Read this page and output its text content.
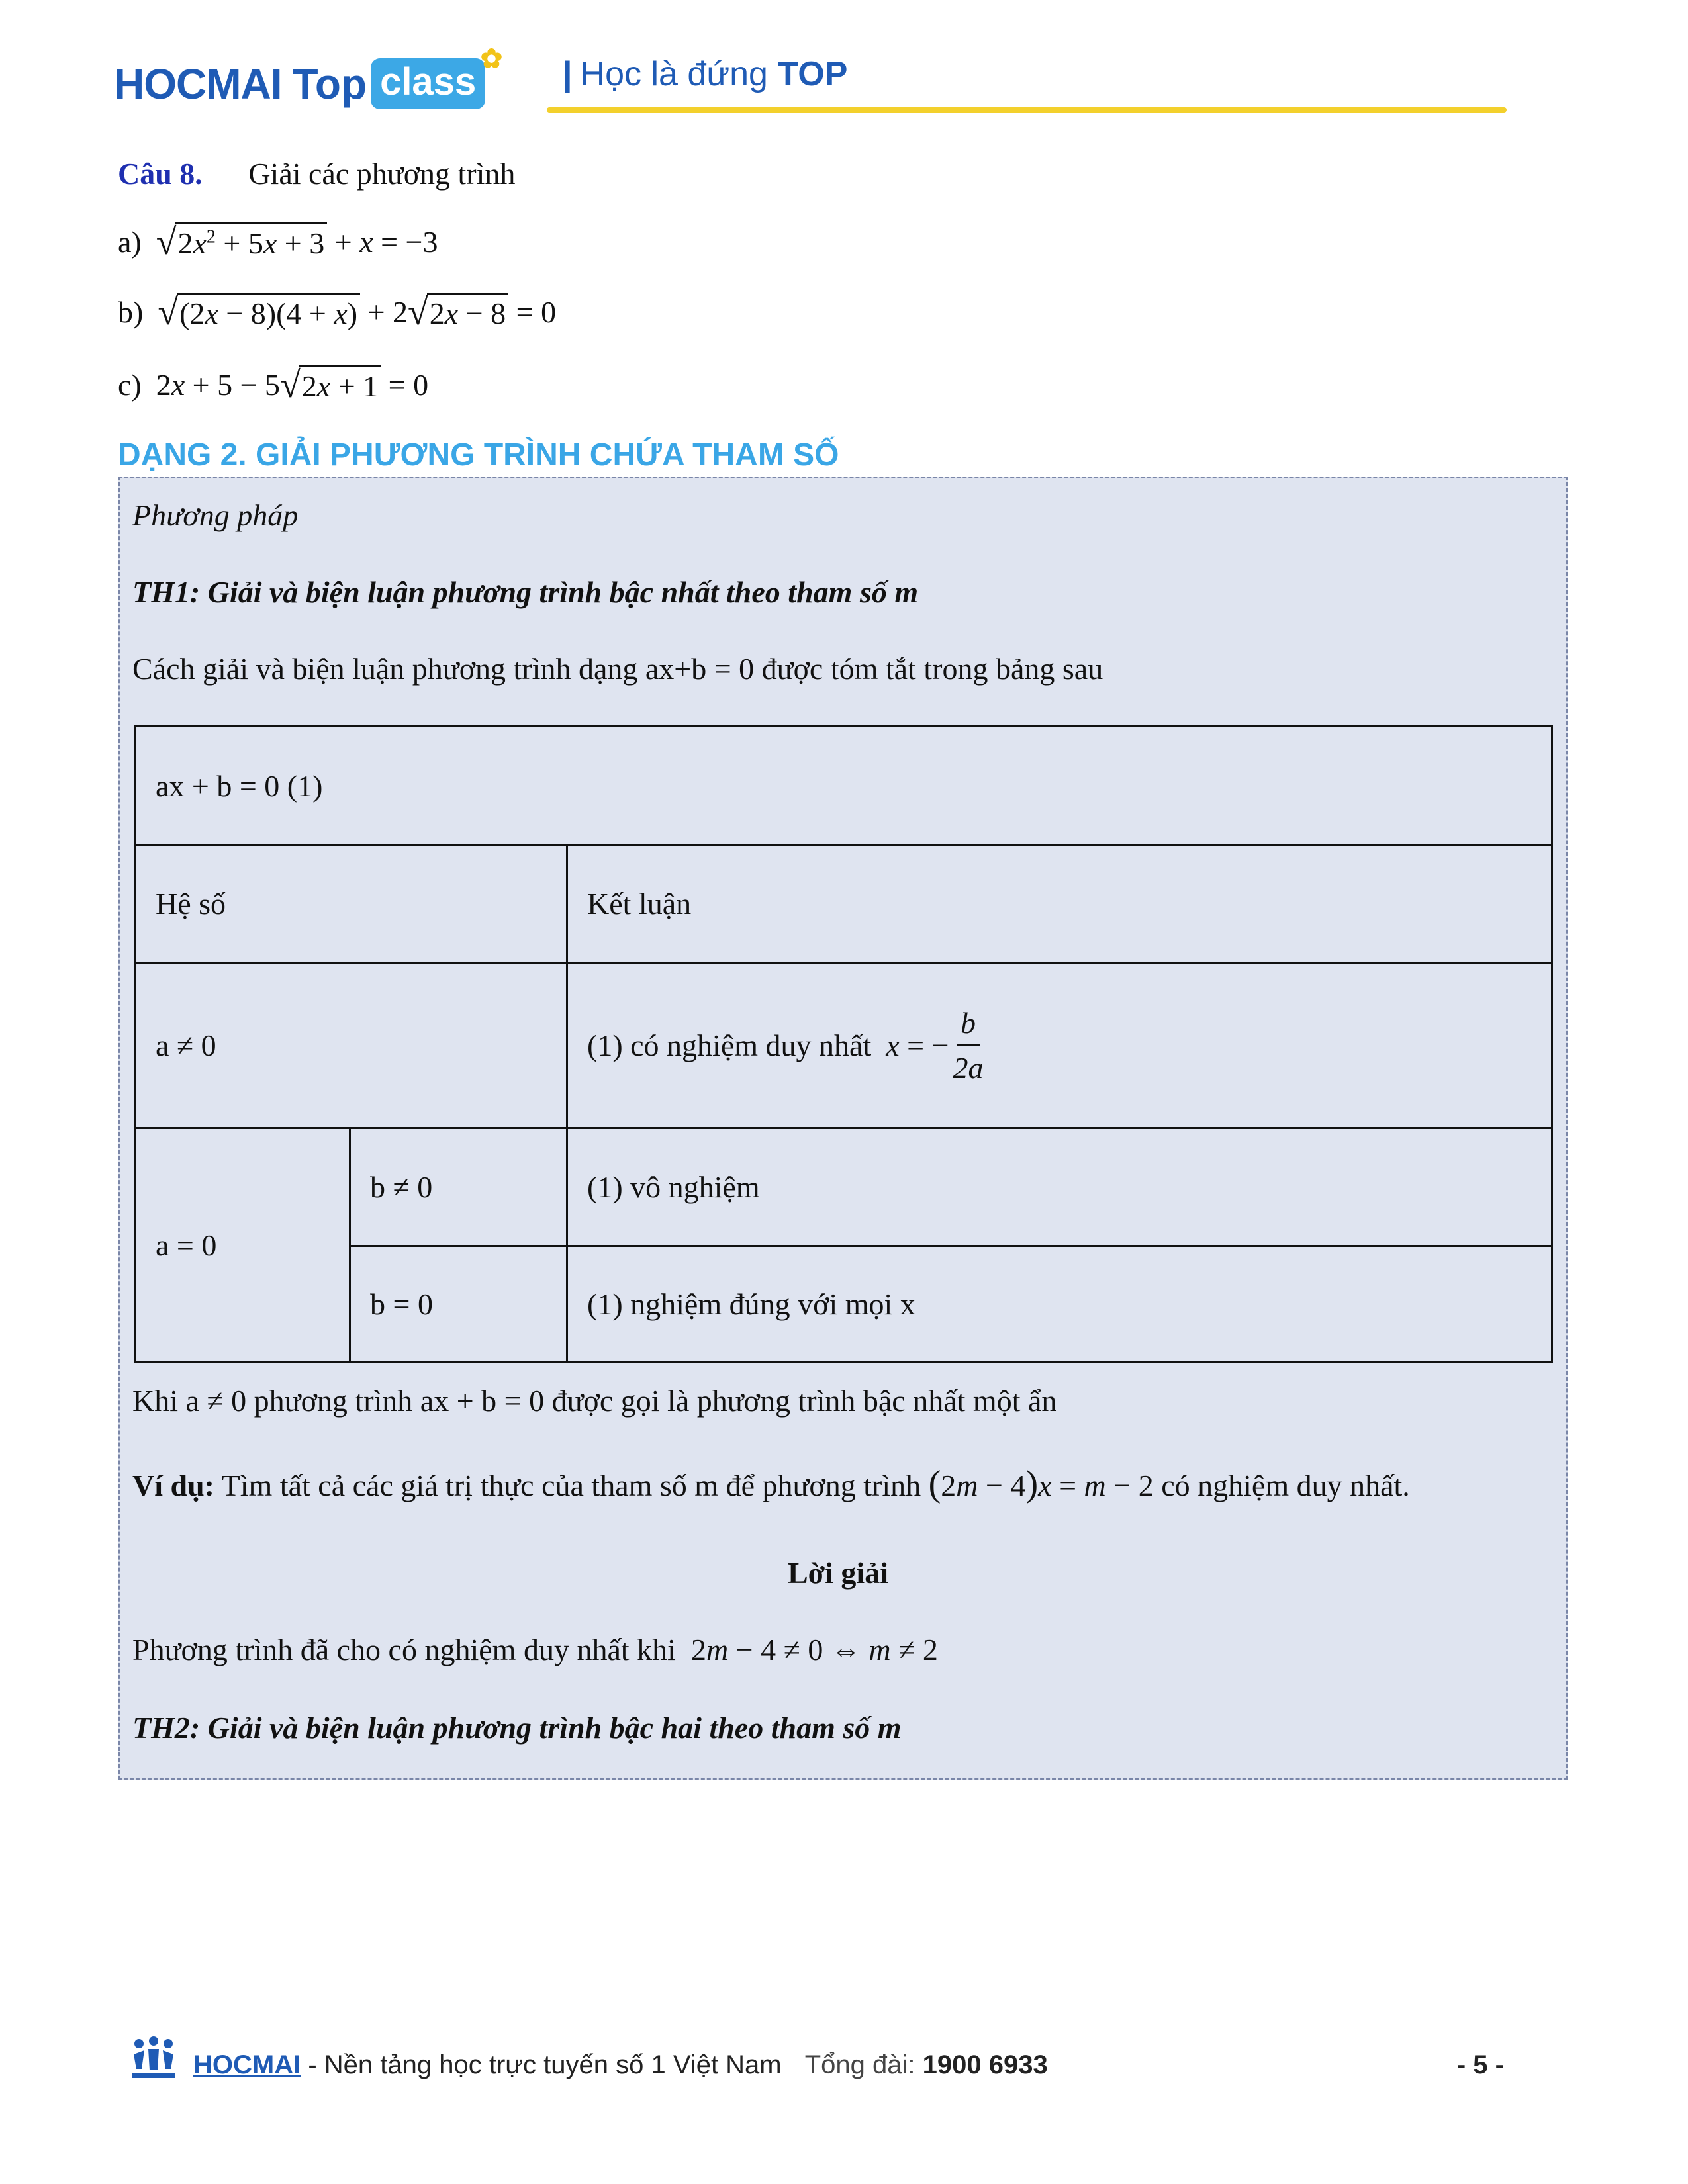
HOCMAI Top class
✿ | Học là đứng TOP
Câu 8. Giải các phương trình
a) √ $2x^2 + 5x + 3 + x = -3$
b) √ (2x − 8)(4 + x) + 2 √ 2x − 8 = 0
c) 2x + 5 − 5 √ 2x + 1 = 0
DẠNG 2. GIẢI PHƯƠNG TRÌNH CHỨA THAM SỐ
Phương pháp
TH1: Giải và biện luận phương trình bậc nhất theo tham số m
Cách giải và biện luận phương trình dạng ax+b = 0 được tóm tắt trong bảng sau
ax + b = 0 (1)
Hệ số	Kết luận
a ≠ 0	(1) có nghiệm duy nhất x = − $\frac{b}{2a}$
a = 0
b ≠ 0	(1) vô nghiệm
b = 0	(1) nghiệm đúng với mọi x
Khi a ≠ 0 phương trình ax + b = 0 được gọi là phương trình bậc nhất một ẩn
Ví dụ: Tìm tất cả các giá trị thực của tham số m để phương trình (2m − 4)x = m − 2 có nghiệm duy nhất.
Lời giải
Phương trình đã cho có nghiệm duy nhất khi  2m − 4 ≠ 0 ⇔ m ≠ 2
TH2: Giải và biện luận phương trình bậc hai theo tham số m
HOCMAI - Nền tảng học trực tuyến số 1 Việt Nam Tổng đài: 1900 6933	- 5 -
